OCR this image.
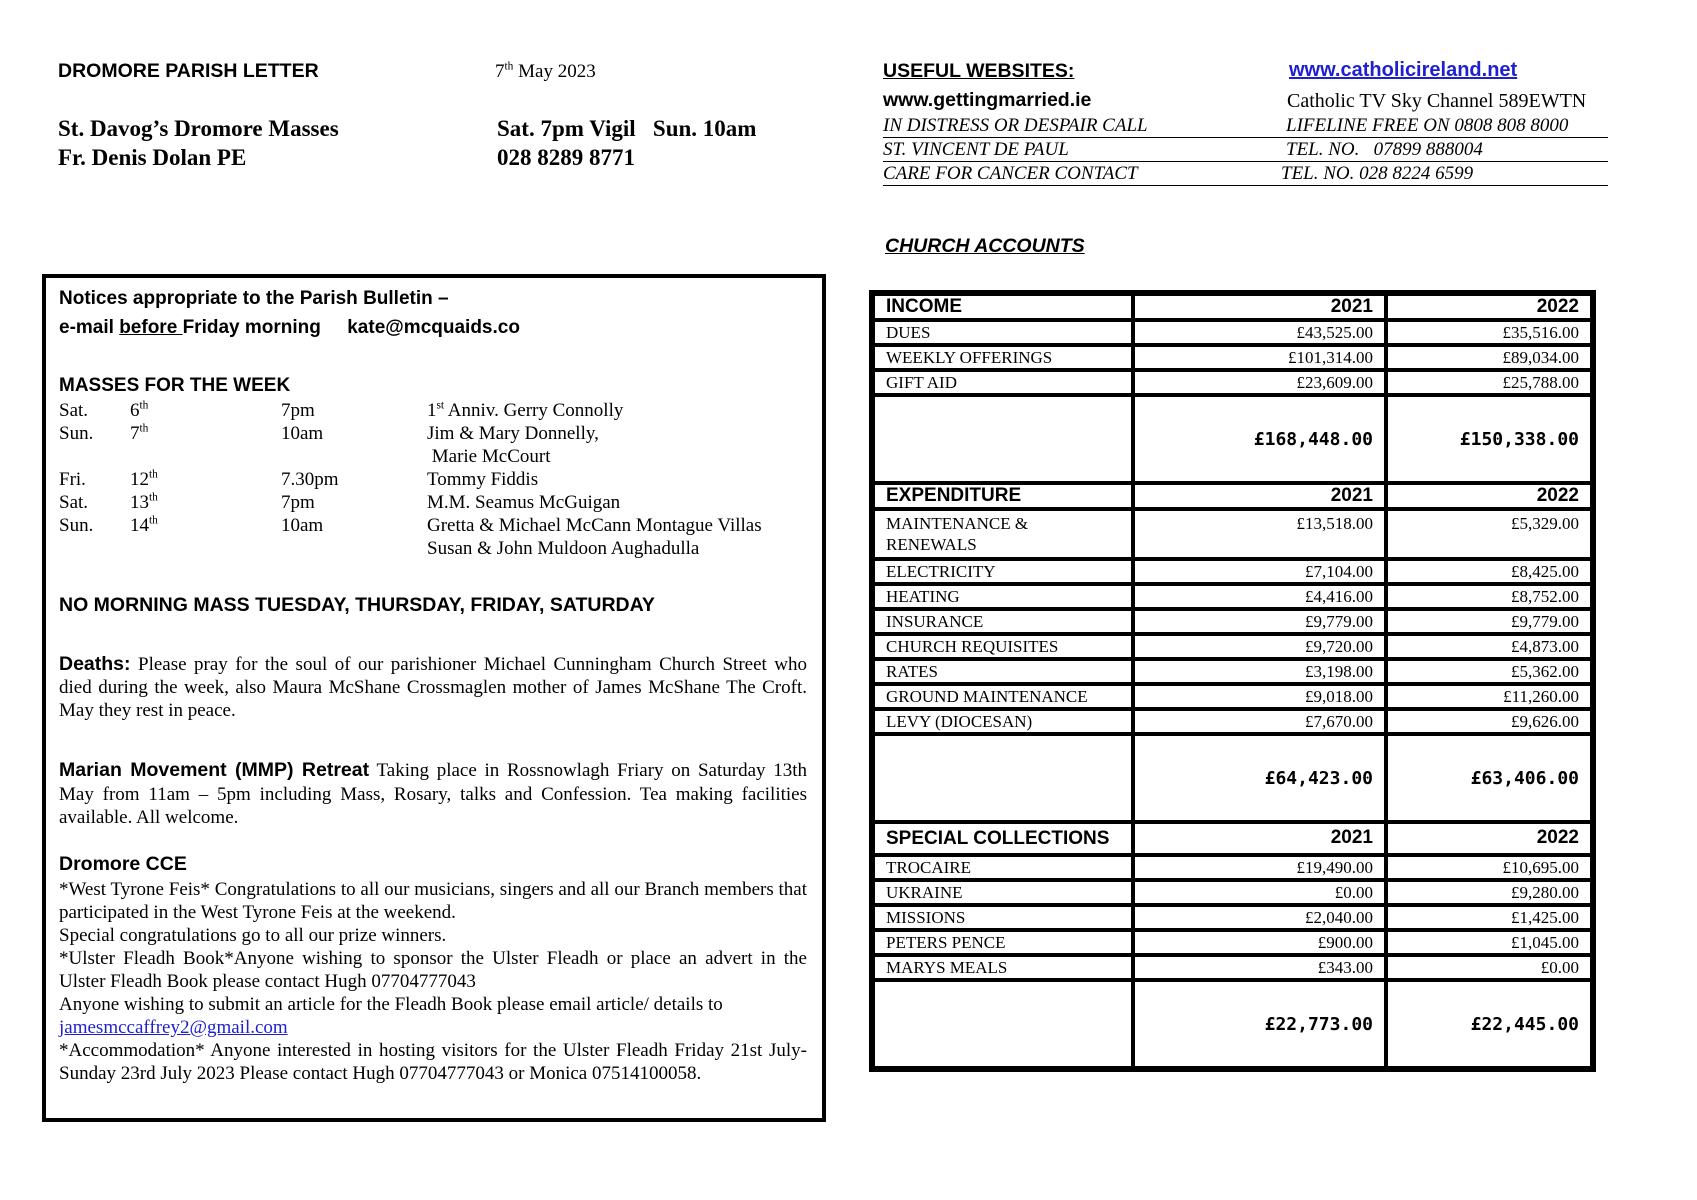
DROMORE PARISH LETTER	7th May 2023
St. Davog’s Dromore Masses	Sat. 7pm Vigil   Sun. 10am
Fr. Denis Dolan PE	028 8289 8771
USEFUL WEBSITES:	www.catholicireland.net
www.gettingmarried.ie	Catholic TV Sky Channel 589EWTN
IN DISTRESS OR DESPAIR CALL	LIFELINE FREE ON 0808 808 8000
ST. VINCENT DE PAUL	TEL. NO.   07899 888004
CARE FOR CANCER CONTACT	TEL. NO. 028 8224 6599
CHURCH ACCOUNTS
Notices appropriate to the Parish Bulletin –
e-mail before Friday morning     kate@mcquaids.co
MASSES FOR THE WEEK
Sat. 6th	7pm	1st Anniv. Gerry Connolly
Sun. 7th	10am	Jim & Mary Donnelly,
Marie McCourt
Fri. 12th	7.30pm	Tommy Fiddis
Sat. 13th	7pm	M.M. Seamus McGuigan
Sun. 14th	10am	Gretta & Michael McCann Montague Villas
Susan & John Muldoon Aughadulla
NO MORNING MASS TUESDAY, THURSDAY, FRIDAY, SATURDAY
Deaths: Please pray for the soul of our parishioner Michael Cunningham Church Street who died during the week, also Maura McShane Crossmaglen mother of James McShane The Croft. May they rest in peace.
Marian Movement (MMP) Retreat Taking place in Rossnowlagh Friary on Saturday 13th May from 11am – 5pm including Mass, Rosary, talks and Confession. Tea making facilities available. All welcome.
Dromore CCE
*West Tyrone Feis* Congratulations to all our musicians, singers and all our Branch members that participated in the West Tyrone Feis at the weekend.
Special congratulations go to all our prize winners.
*Ulster Fleadh Book*Anyone wishing to sponsor the Ulster Fleadh or place an advert in the Ulster Fleadh Book please contact Hugh 07704777043
Anyone wishing to submit an article for the Fleadh Book please email article/ details to
jamesmccaffrey2@gmail.com
*Accommodation* Anyone interested in hosting visitors for the Ulster Fleadh Friday 21st July- Sunday 23rd July 2023 Please contact Hugh 07704777043 or Monica 07514100058.
INCOME	2021	2022
DUES	£43,525.00	£35,516.00
WEEKLY OFFERINGS	£101,314.00	£89,034.00
GIFT AID	£23,609.00	£25,788.00
	£168,448.00	£150,338.00
EXPENDITURE	2021	2022
MAINTENANCE & RENEWALS	£13,518.00	£5,329.00
ELECTRICITY	£7,104.00	£8,425.00
HEATING	£4,416.00	£8,752.00
INSURANCE	£9,779.00	£9,779.00
CHURCH REQUISITES	£9,720.00	£4,873.00
RATES	£3,198.00	£5,362.00
GROUND MAINTENANCE	£9,018.00	£11,260.00
LEVY (DIOCESAN)	£7,670.00	£9,626.00
	£64,423.00	£63,406.00
SPECIAL COLLECTIONS	2021	2022
TROCAIRE	£19,490.00	£10,695.00
UKRAINE	£0.00	£9,280.00
MISSIONS	£2,040.00	£1,425.00
PETERS PENCE	£900.00	£1,045.00
MARYS MEALS	£343.00	£0.00
	£22,773.00	£22,445.00
